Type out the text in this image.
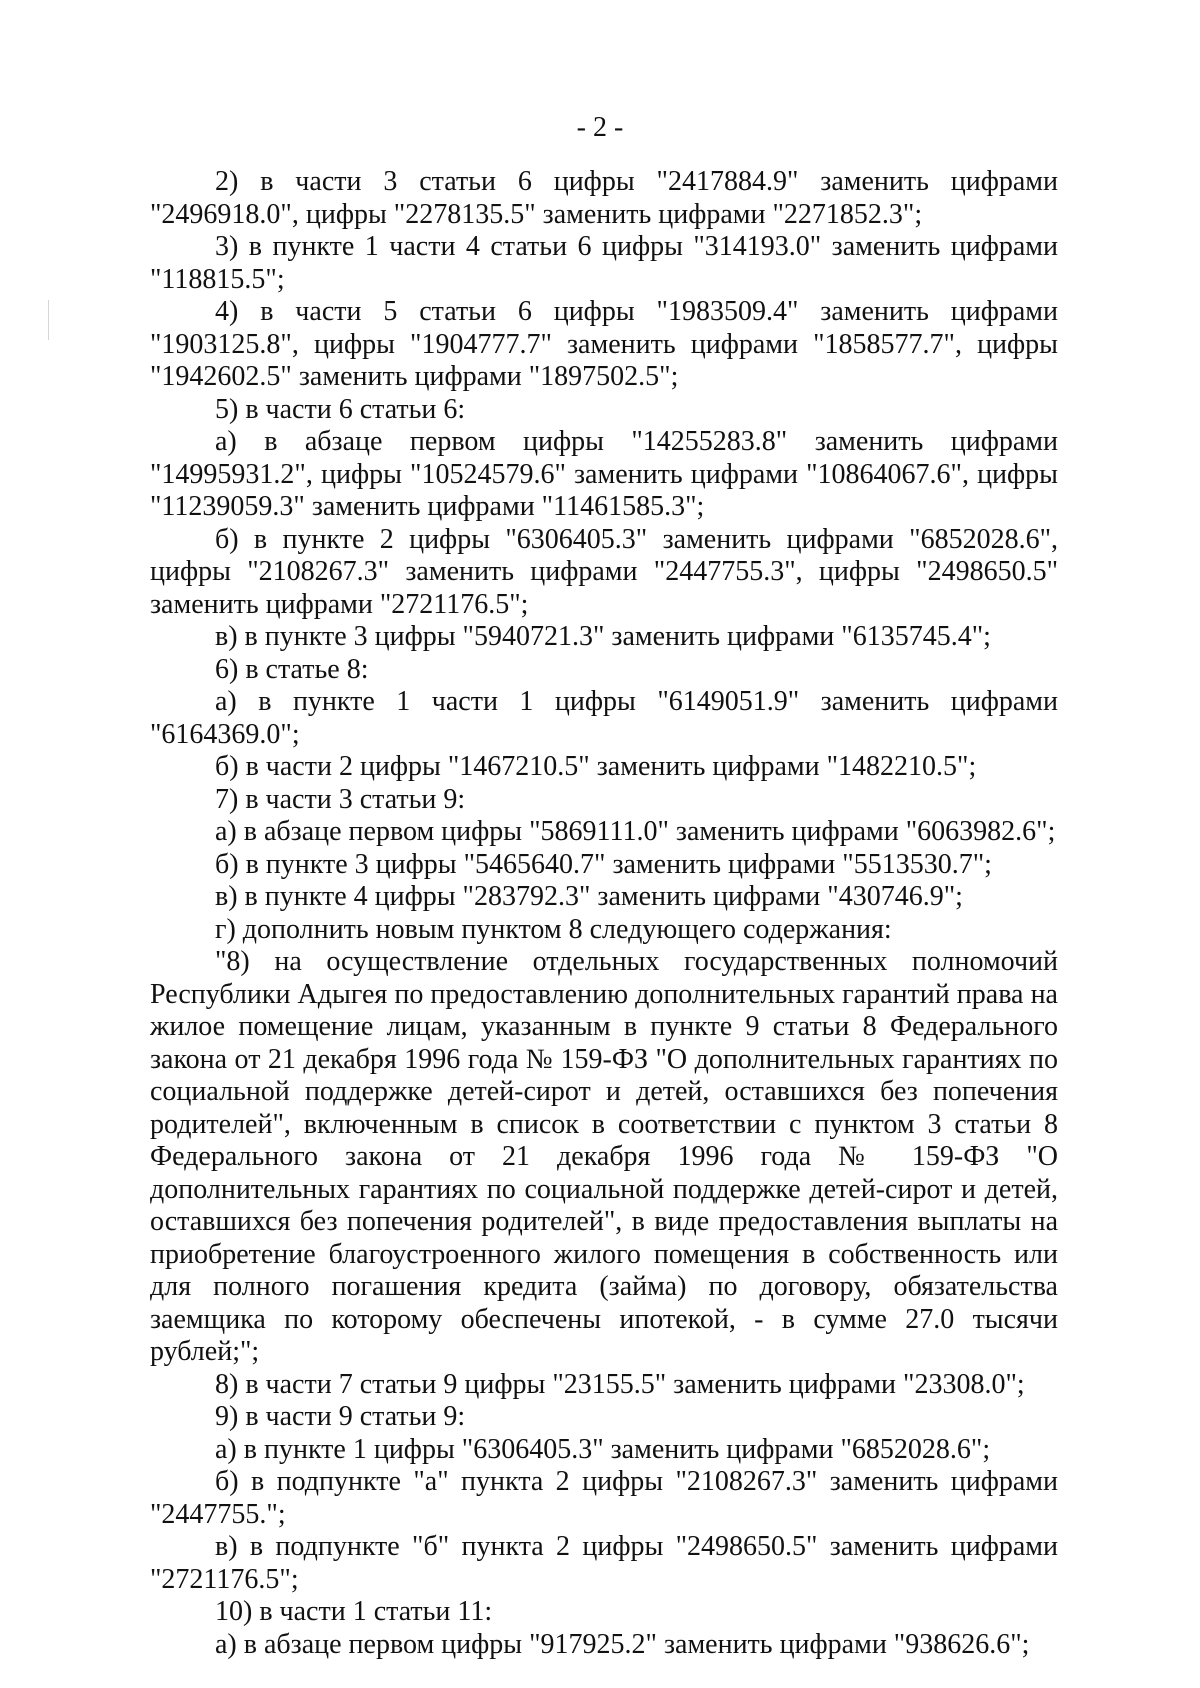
- 2 -

2) в части 3 статьи 6 цифры "2417884.9" заменить цифрами "2496918.0", цифры "2278135.5" заменить цифрами "2271852.3";

3) в пункте 1 части 4 статьи 6 цифры "314193.0" заменить цифрами "118815.5";

4) в части 5 статьи 6 цифры "1983509.4" заменить цифрами "1903125.8", цифры "1904777.7" заменить цифрами "1858577.7", цифры "1942602.5" заменить цифрами "1897502.5";

5) в части 6 статьи 6:

а) в абзаце первом цифры "14255283.8" заменить цифрами "14995931.2", цифры "10524579.6" заменить цифрами "10864067.6", цифры "11239059.3" заменить цифрами "11461585.3";

б) в пункте 2 цифры "6306405.3" заменить цифрами "6852028.6", цифры "2108267.3" заменить цифрами "2447755.3", цифры "2498650.5" заменить цифрами "2721176.5";

в) в пункте 3 цифры "5940721.3" заменить цифрами "6135745.4";

6) в статье 8:

а) в пункте 1 части 1 цифры "6149051.9" заменить цифрами "6164369.0";

б) в части 2 цифры "1467210.5" заменить цифрами "1482210.5";

7) в части 3 статьи 9:

а) в абзаце первом цифры "5869111.0" заменить цифрами "6063982.6";

б) в пункте 3 цифры "5465640.7" заменить цифрами "5513530.7";

в) в пункте 4 цифры "283792.3" заменить цифрами "430746.9";

г) дополнить новым пунктом 8 следующего содержания:

"8) на осуществление отдельных государственных полномочий Республики Адыгея по предоставлению дополнительных гарантий права на жилое помещение лицам, указанным в пункте 9 статьи 8 Федерального закона от 21 декабря 1996 года № 159-ФЗ "О дополнительных гарантиях по социальной поддержке детей-сирот и детей, оставшихся без попечения родителей", включенным в список в соответствии с пунктом 3 статьи 8 Федерального закона от 21 декабря 1996 года № 159-ФЗ "О дополнительных гарантиях по социальной поддержке детей-сирот и детей, оставшихся без попечения родителей", в виде предоставления выплаты на приобретение благоустроенного жилого помещения в собственность или для полного погашения кредита (займа) по договору, обязательства заемщика по которому обеспечены ипотекой, - в сумме 27.0 тысячи рублей;";

8) в части 7 статьи 9 цифры "23155.5" заменить цифрами "23308.0";

9) в части 9 статьи 9:

а) в пункте 1 цифры "6306405.3" заменить цифрами "6852028.6";

б) в подпункте "а" пункта 2 цифры "2108267.3" заменить цифрами "2447755.";

в) в подпункте "б" пункта 2 цифры "2498650.5" заменить цифрами "2721176.5";

10) в части 1 статьи 11:

а) в абзаце первом цифры "917925.2" заменить цифрами "938626.6";
